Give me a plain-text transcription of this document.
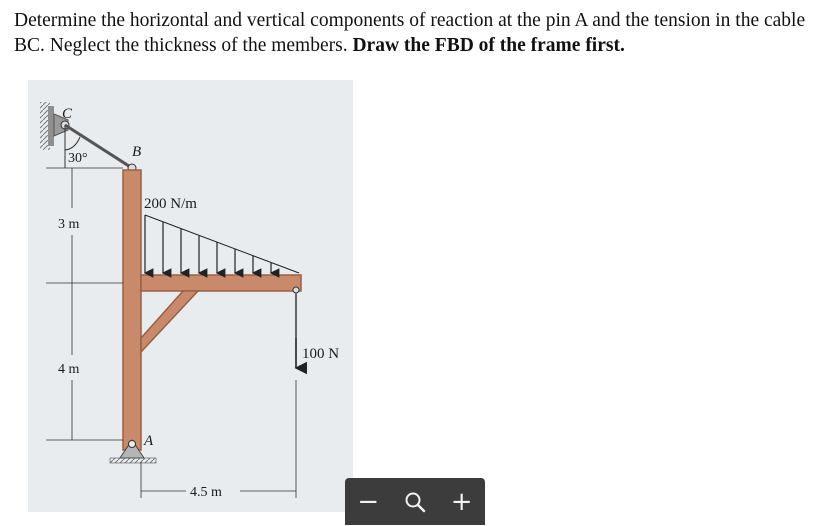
Determine the horizontal and vertical components of reaction at the pin A and the tension in the cable BC. Neglect the thickness of the members. Draw the FBD of the frame first.

30°
C
B
A
200 N/m
100 N
3 m
4 m
4.5 m	−	+
